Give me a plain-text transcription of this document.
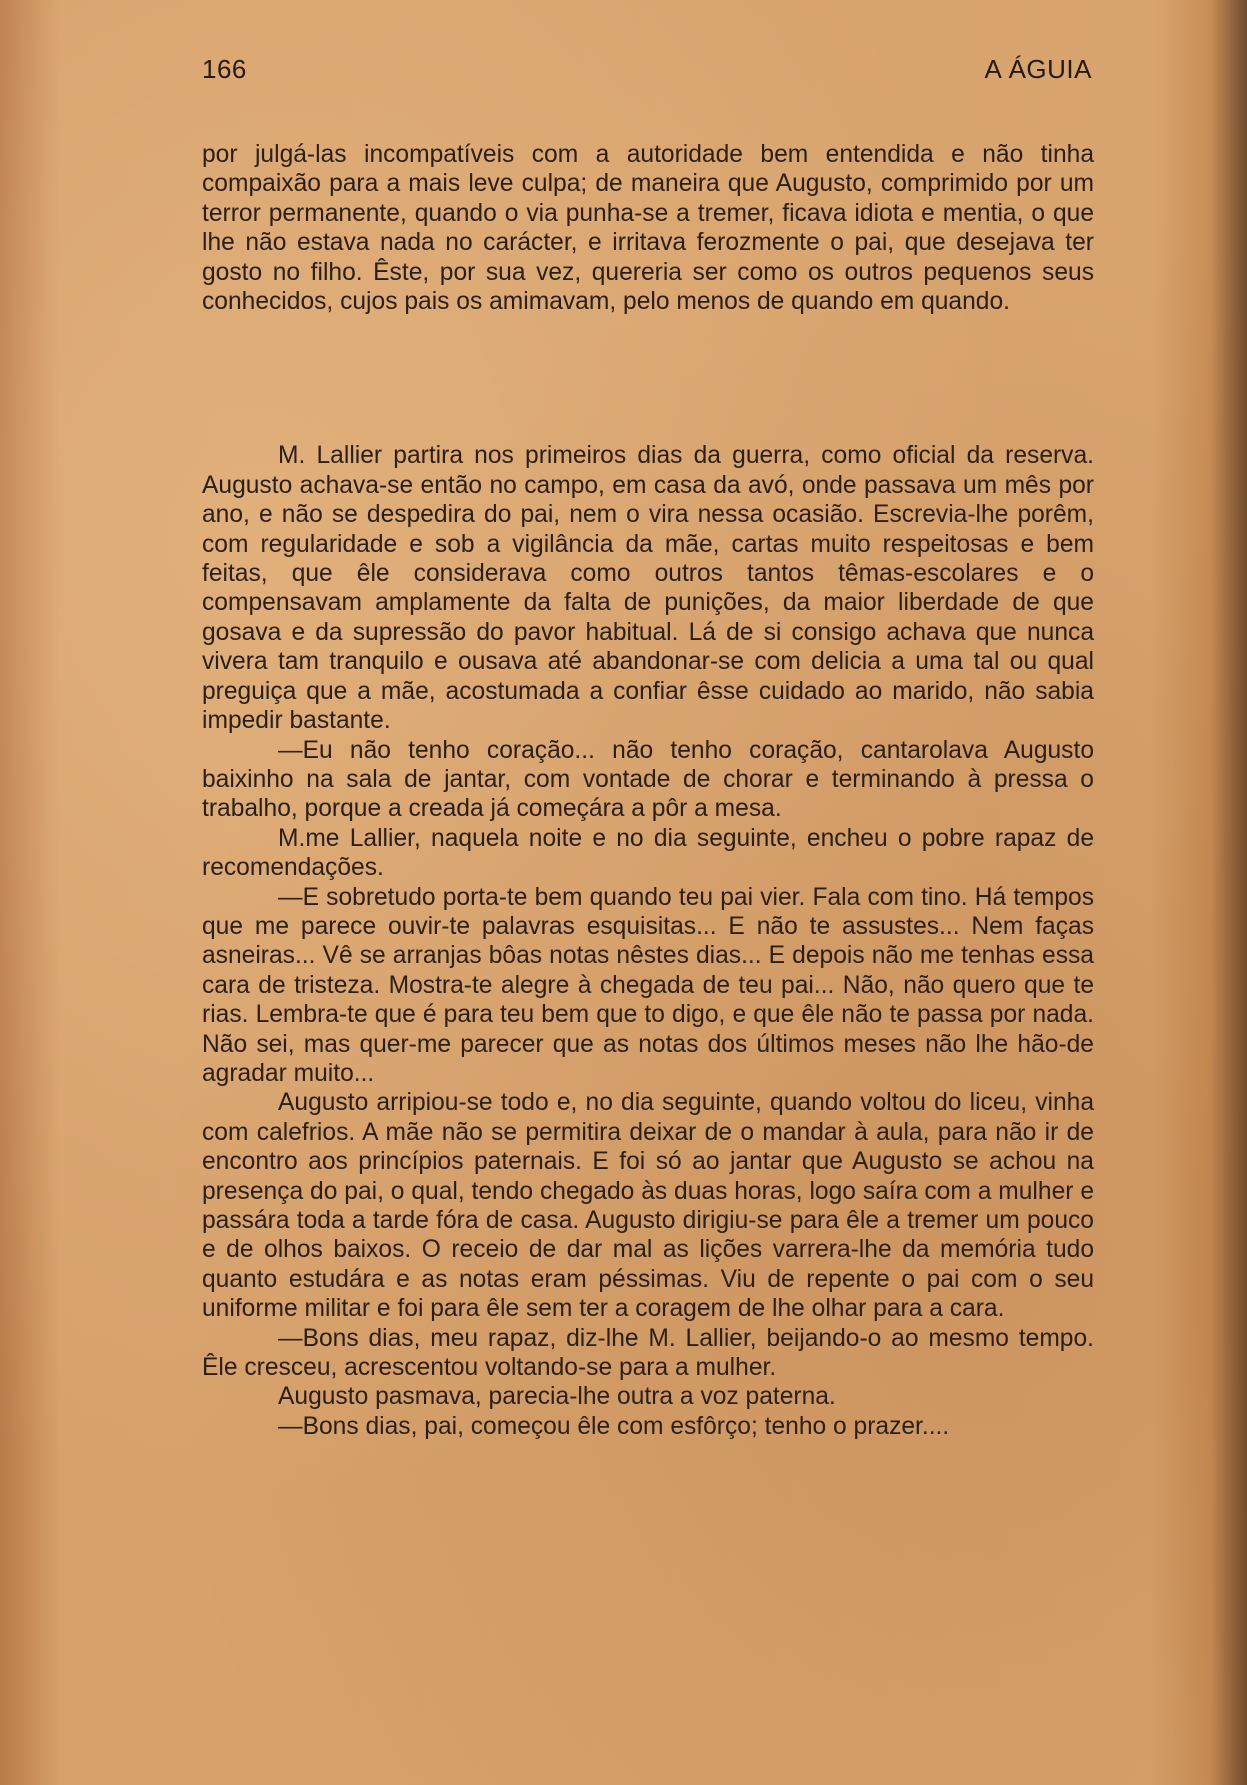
166	A ÁGUIA

por julgá-las incompatíveis com a autoridade bem entendida e não tinha compaixão para a mais leve culpa; de maneira que Augusto, comprimido por um terror permanente, quando o via punha-se a tremer, ficava idiota e mentia, o que lhe não estava nada no carácter, e irritava ferozmente o pai, que desejava ter gosto no filho. Êste, por sua vez, quereria ser como os outros pequenos seus conhecidos, cujos pais os amimavam, pelo menos de quando em quando.

M. Lallier partira nos primeiros dias da guerra, como oficial da reserva. Augusto achava-se então no campo, em casa da avó, onde passava um mês por ano, e não se despedira do pai, nem o vira nessa ocasião. Escrevia-lhe porêm, com regularidade e sob a vigilância da mãe, cartas muito respeitosas e bem feitas, que êle considerava como outros tantos têmas-escolares e o compensavam amplamente da falta de punições, da maior liberdade de que gosava e da supressão do pavor habitual. Lá de si consigo achava que nunca vivera tam tranquilo e ousava até abandonar-se com delicia a uma tal ou qual preguiça que a mãe, acostumada a confiar êsse cuidado ao marido, não sabia impedir bastante.

—Eu não tenho coração... não tenho coração, cantarolava Augusto baixinho na sala de jantar, com vontade de chorar e terminando à pressa o trabalho, porque a creada já começára a pôr a mesa.

M.me Lallier, naquela noite e no dia seguinte, encheu o pobre rapaz de recomendações.

—E sobretudo porta-te bem quando teu pai vier. Fala com tino. Há tempos que me parece ouvir-te palavras esquisitas... E não te assustes... Nem faças asneiras... Vê se arranjas bôas notas nêstes dias... E depois não me tenhas essa cara de tristeza. Mostra-te alegre à chegada de teu pai... Não, não quero que te rias. Lembra-te que é para teu bem que to digo, e que êle não te passa por nada. Não sei, mas quer-me parecer que as notas dos últimos meses não lhe hão-de agradar muito...

Augusto arripiou-se todo e, no dia seguinte, quando voltou do liceu, vinha com calefrios. A mãe não se permitira deixar de o mandar à aula, para não ir de encontro aos princípios paternais. E foi só ao jantar que Augusto se achou na presença do pai, o qual, tendo chegado às duas horas, logo saíra com a mulher e passára toda a tarde fóra de casa. Augusto dirigiu-se para êle a tremer um pouco e de olhos baixos. O receio de dar mal as lições varrera-lhe da memória tudo quanto estudára e as notas eram péssimas. Viu de repente o pai com o seu uniforme militar e foi para êle sem ter a coragem de lhe olhar para a cara.

—Bons dias, meu rapaz, diz-lhe M. Lallier, beijando-o ao mesmo tempo. Êle cresceu, acrescentou voltando-se para a mulher.

Augusto pasmava, parecia-lhe outra a voz paterna.

—Bons dias, pai, começou êle com esfôrço; tenho o prazer....
